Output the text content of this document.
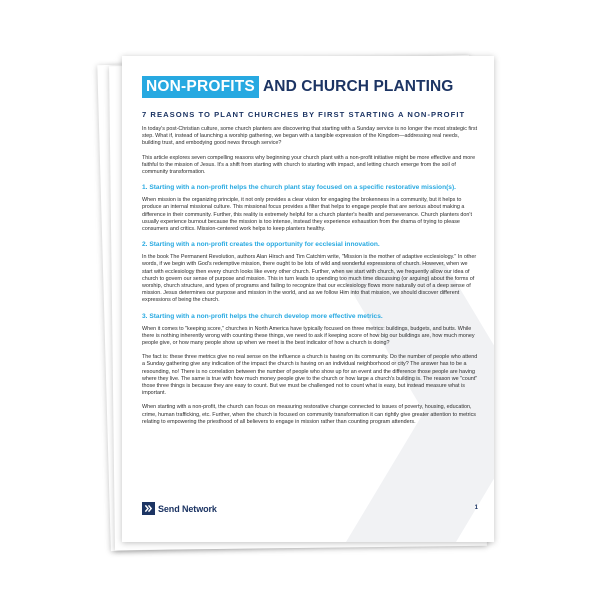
NON-PROFITS AND CHURCH PLANTING
7 REASONS TO PLANT CHURCHES BY FIRST STARTING A NON-PROFIT
In today's post-Christian culture, some church planters are discovering that starting with a Sunday service is no longer the most strategic first step. What if, instead of launching a worship gathering, we began with a tangible expression of the Kingdom—addressing real needs, building trust, and embodying good news through service?
This article explores seven compelling reasons why beginning your church plant with a non-profit initiative might be more effective and more faithful to the mission of Jesus. It's a shift from starting with church to starting with impact, and letting church emerge from the soil of community transformation.
1. Starting with a non-profit helps the church plant stay focused on a specific restorative mission(s).
When mission is the organizing principle, it not only provides a clear vision for engaging the brokenness in a community, but it helps to produce an internal missional culture. This missional focus provides a filter that helps to engage people that are serious about making a difference in their community. Further, this reality is extremely helpful for a church planter's health and perseverance. Church planters don't usually experience burnout because the mission is too intense, instead they experience exhaustion from the drama of trying to please consumers and critics. Mission-centered work helps to keep planters healthy.
2. Starting with a non-profit creates the opportunity for ecclesial innovation.
In the book The Permanent Revolution, authors Alan Hirsch and Tim Catchim write, "Mission is the mother of adaptive ecclesiology." In other words, if we begin with God's redemptive mission, there ought to be lots of wild and wonderful expressions of church. However, when we start with ecclesiology then every church looks like every other church. Further, when we start with church, we frequently allow our idea of church to govern our sense of purpose and mission. This in turn leads to spending too much time discussing (or arguing) about the forms of worship, church structure, and types of programs and failing to recognize that our ecclesiology flows more naturally out of a deep sense of mission. Jesus determines our purpose and mission in the world, and as we follow Him into that mission, we should discover different expressions of being the church.
3. Starting with a non-profit helps the church develop more effective metrics.
When it comes to "keeping score," churches in North America have typically focused on three metrics: buildings, budgets, and butts. While there is nothing inherently wrong with counting these things, we need to ask if keeping score of how big our buildings are, how much money people give, or how many people show up when we meet is the best indicator of how a church is doing?
The fact is: these three metrics give no real sense on the influence a church is having on its community. Do the number of people who attend a Sunday gathering give any indication of the impact the church is having on an individual neighborhood or city? The answer has to be a resounding, no! There is no correlation between the number of people who show up for an event and the difference those people are having where they live. The same is true with how much money people give to the church or how large a church's building is. The reason we "count" those three things is because they are easy to count. But we must be challenged not to count what is easy, but instead measure what is important.
When starting with a non-profit, the church can focus on measuring restorative change connected to issues of poverty, housing, education, crime, human trafficking, etc. Further, when the church is focused on community transformation it can rightly give greater attention to metrics relating to empowering the priesthood of all believers to engage in mission rather than counting program attenders.
Send Network	1
